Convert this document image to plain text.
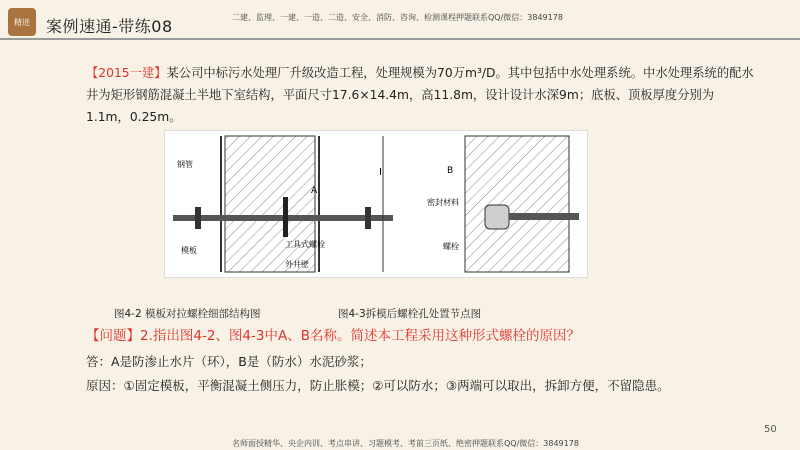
精进	案例速通-带练08	二建、监理、一建、一造、二造、安全、消防、咨询、检测课程押题联系QQ/微信：3849178
【2015一建】某公司中标污水处理厂升级改造工程，处理规模为70万m³/D。其中包括中水处理系统。中水处理系统的配水井为矩形钢筋混凝土半地下室结构，平面尺寸17.6×14.4m，高11.8m，设计设计水深9m；底板、顶板厚度分别为1.1m，0.25m。
钢管
模板
A
工具式螺栓
外井壁
I	B
密封材料
螺栓
图4-2 模板对拉螺栓细部结构图	图4-3拆模后螺栓孔处置节点图
【问题】2.指出图4-2、图4-3中A、B名称。简述本工程采用这种形式螺栓的原因？
答：A是防渗止水片（环），B是（防水）水泥砂浆；
原因：①固定模板，平衡混凝土侧压力，防止胀模；②可以防水；③两端可以取出，拆卸方便，不留隐患。
50
名师面授精华、央企内训、考点串讲、习题模考、考前三页纸、绝密押题联系QQ/微信：3849178
